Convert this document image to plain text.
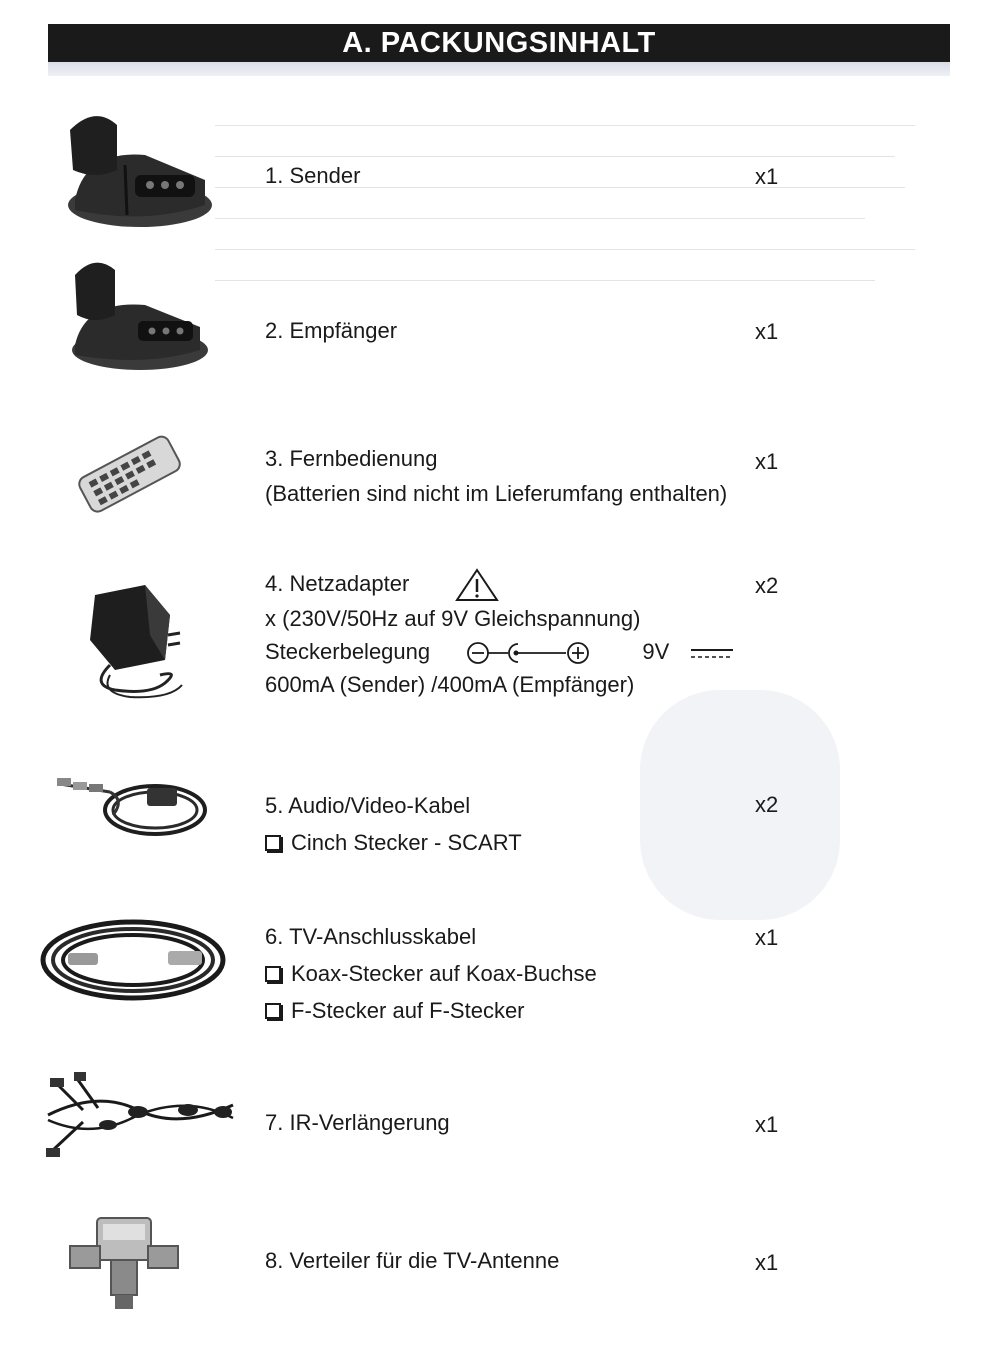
A. PACKUNGSINHALT
1. Sender	x1
2. Empfänger	x1
3. Fernbedienung
(Batterien sind nicht im Lieferumfang enthalten)
x1
4. Netzadapter
x (230V/50Hz auf 9V Gleichspannung)
Steckerbelegung	9V
600mA (Sender) /400mA (Empfänger)
x2
5. Audio/Video-Kabel
Cinch Stecker - SCART
x2
6. TV-Anschlusskabel
Koax-Stecker auf Koax-Buchse
F-Stecker auf F-Stecker
x1
7. IR-Verlängerung	x1
8. Verteiler für die TV-Antenne	x1
